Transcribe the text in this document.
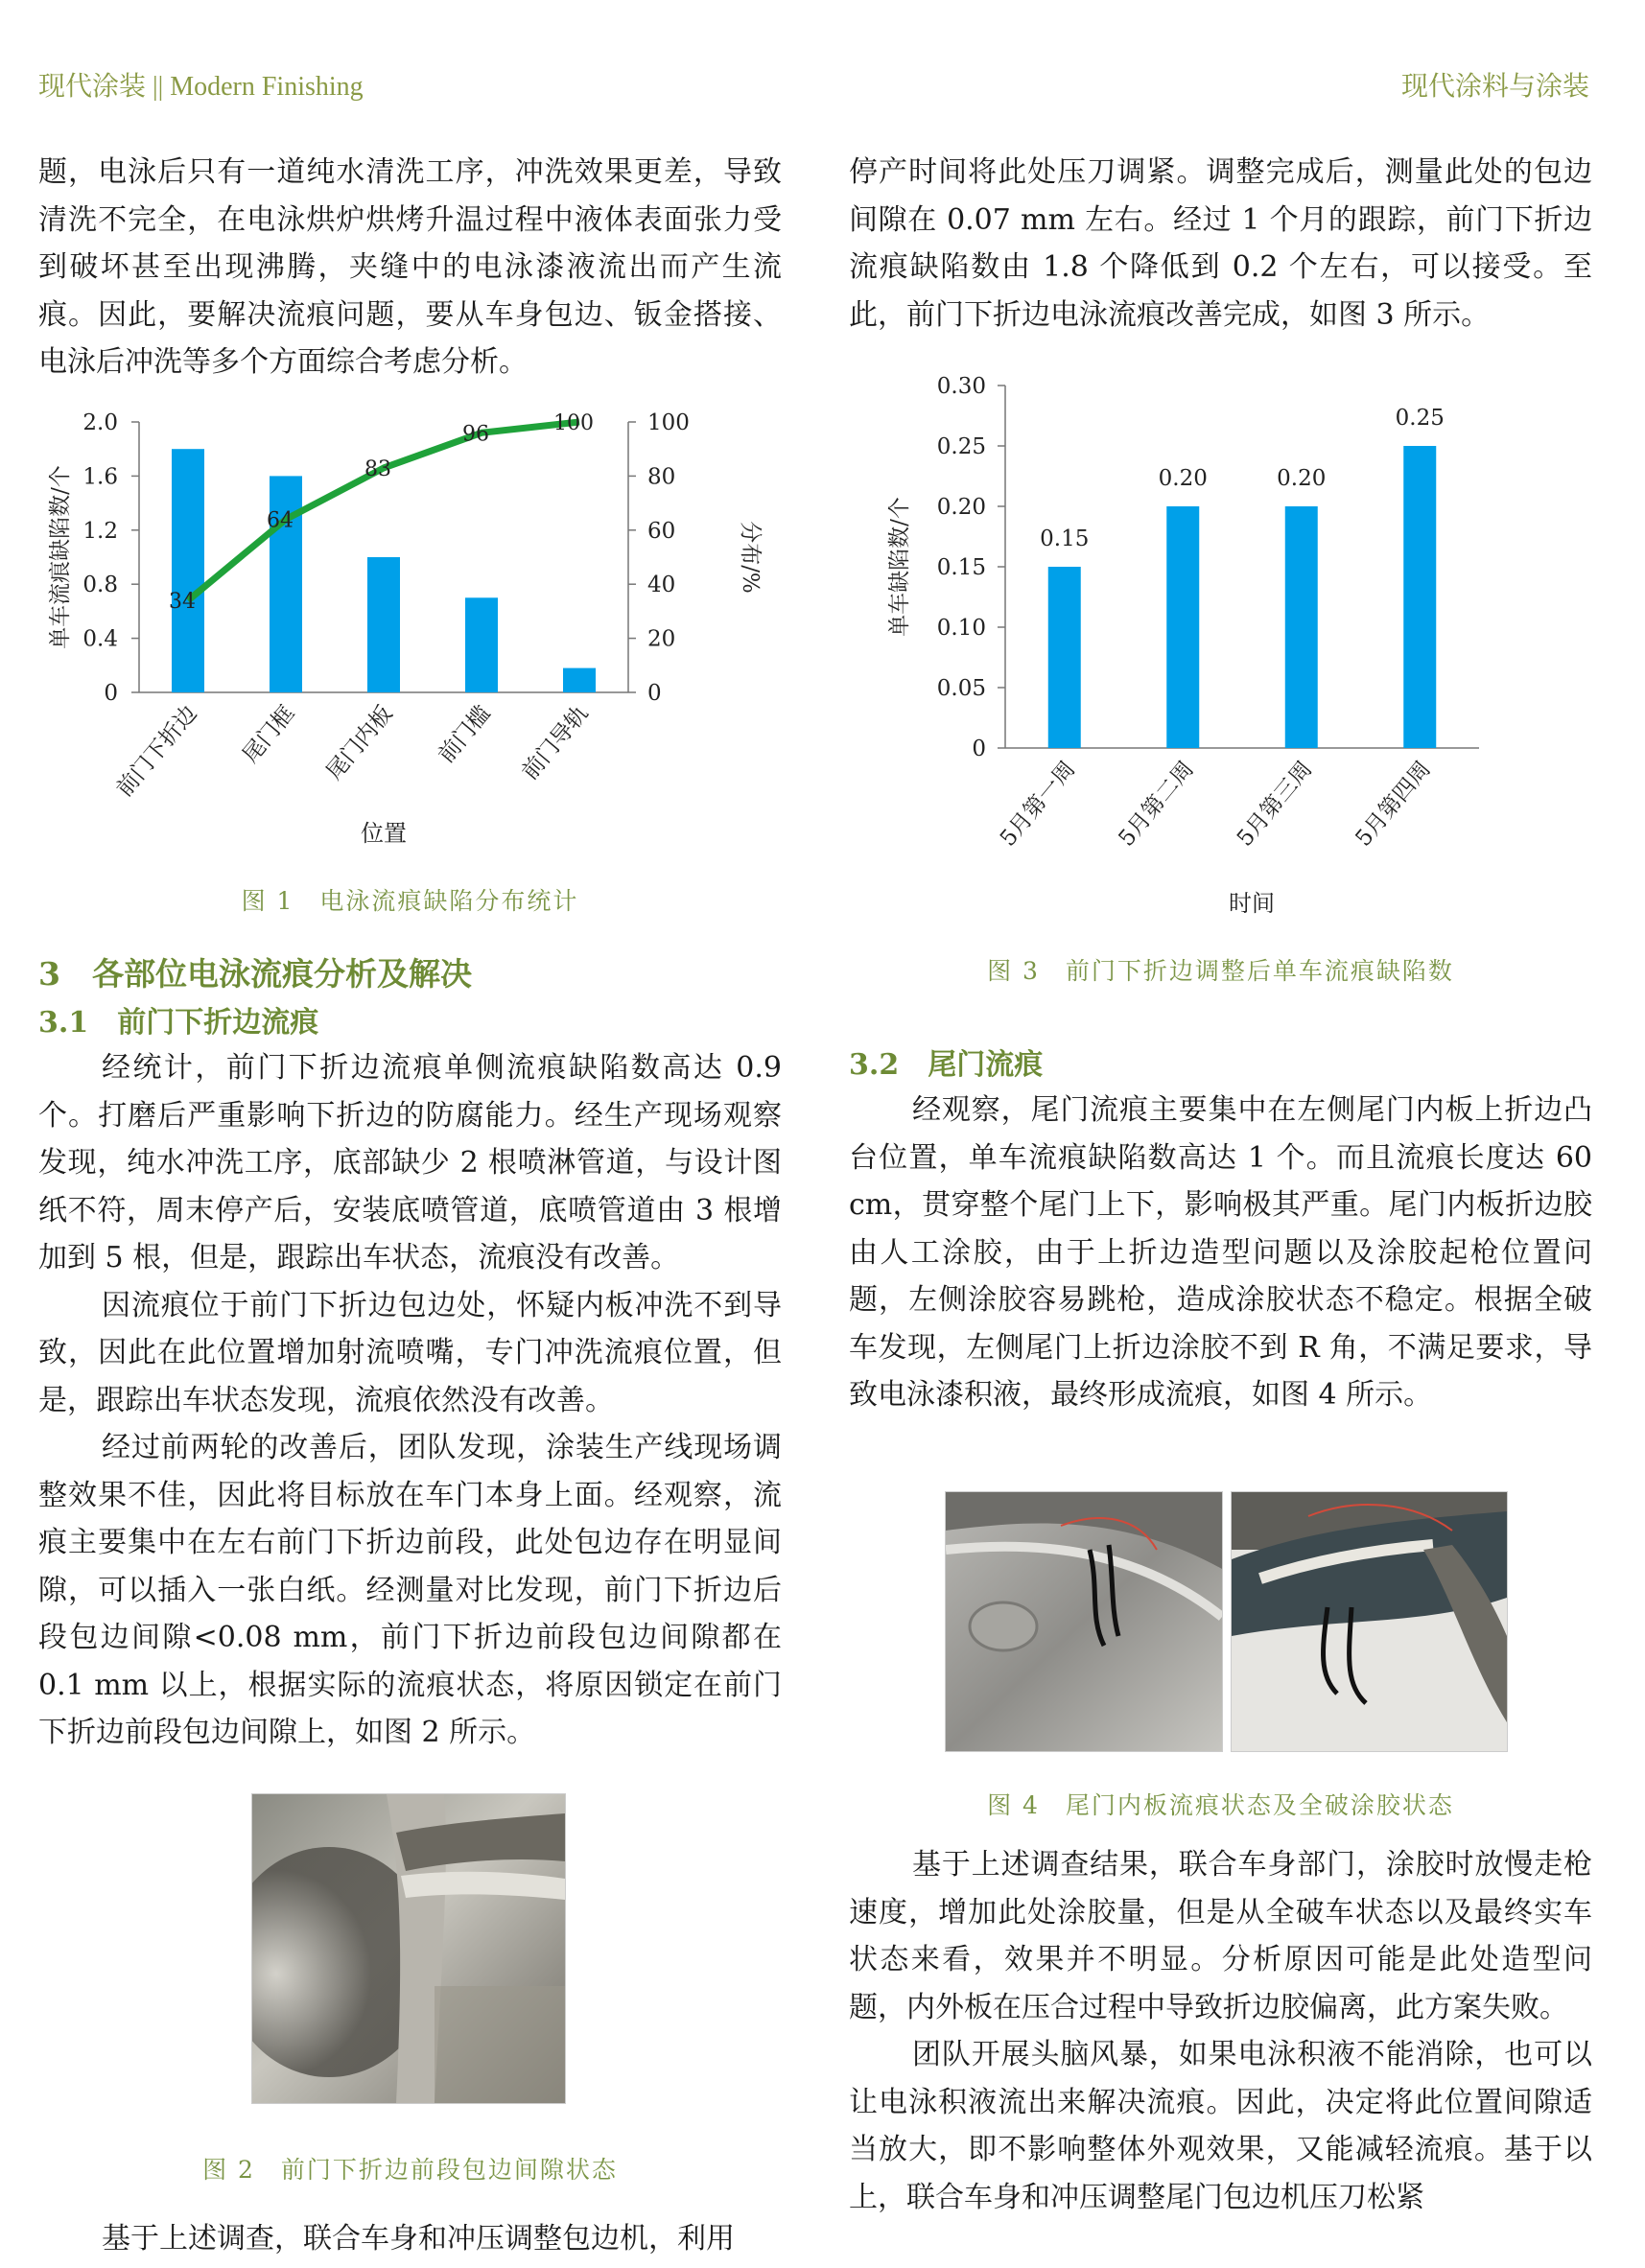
现代涂装 || Modern Finishing	现代涂料与涂装

题，电泳后只有一道纯水清洗工序，冲洗效果更差，导致清洗不完全，在电泳烘炉烘烤升温过程中液体表面张力受到破坏甚至出现沸腾，夹缝中的电泳漆液流出而产生流痕。因此，要解决流痕问题，要从车身包边、钣金搭接、电泳后冲洗等多个方面综合考虑分析。

0
0.4
0.8
1.2
1.6
2.0
0
20
40
60
80
100
前门下折边 尾门框 尾门内板 前门槛 前门导轨
34
64
83
96	100
单车流痕缺陷数/个	分布/%
位置
图 1　电泳流痕缺陷分布统计

3　各部位电泳流痕分析及解决

3.1　前门下折边流痕

经统计，前门下折边流痕单侧流痕缺陷数高达 0.9 个。打磨后严重影响下折边的防腐能力。经生产现场观察发现，纯水冲洗工序，底部缺少 2 根喷淋管道，与设计图纸不符，周末停产后，安装底喷管道，底喷管道由 3 根增加到 5 根，但是，跟踪出车状态，流痕没有改善。

因流痕位于前门下折边包边处，怀疑内板冲洗不到导致，因此在此位置增加射流喷嘴，专门冲洗流痕位置，但是，跟踪出车状态发现，流痕依然没有改善。

经过前两轮的改善后，团队发现，涂装生产线现场调整效果不佳，因此将目标放在车门本身上面。经观察，流痕主要集中在左右前门下折边前段，此处包边存在明显间隙，可以插入一张白纸。经测量对比发现，前门下折边后段包边间隙<0.08 mm，前门下折边前段包边间隙都在 0.1 mm 以上，根据实际的流痕状态，将原因锁定在前门下折边前段包边间隙上，如图 2 所示。

图 2　前门下折边前段包边间隙状态

基于上述调查，联合车身和冲压调整包边机，利用

停产时间将此处压刀调紧。调整完成后，测量此处的包边间隙在 0.07 mm 左右。经过 1 个月的跟踪，前门下折边流痕缺陷数由 1.8 个降低到 0.2 个左右，可以接受。至此，前门下折边电泳流痕改善完成，如图 3 所示。

0
0.05
0.10
0.15
0.20
0.25
0.30
0.15
5月第一周
0.20
5月第二周
0.20
5月第三周
0.25
5月第四周
单车缺陷数/个
时间
图 3　前门下折边调整后单车流痕缺陷数

3.2　尾门流痕

经观察，尾门流痕主要集中在左侧尾门内板上折边凸台位置，单车流痕缺陷数高达 1 个。而且流痕长度达 60 cm，贯穿整个尾门上下，影响极其严重。尾门内板折边胶由人工涂胶，由于上折边造型问题以及涂胶起枪位置问题，左侧涂胶容易跳枪，造成涂胶状态不稳定。根据全破车发现，左侧尾门上折边涂胶不到 R 角，不满足要求，导致电泳漆积液，最终形成流痕，如图 4 所示。

图 4　尾门内板流痕状态及全破涂胶状态

基于上述调查结果，联合车身部门，涂胶时放慢走枪速度，增加此处涂胶量，但是从全破车状态以及最终实车状态来看，效果并不明显。分析原因可能是此处造型问题，内外板在压合过程中导致折边胶偏离，此方案失败。

团队开展头脑风暴，如果电泳积液不能消除，也可以让电泳积液流出来解决流痕。因此，决定将此位置间隙适当放大，即不影响整体外观效果，又能减轻流痕。基于以上，联合车身和冲压调整尾门包边机压刀松紧
